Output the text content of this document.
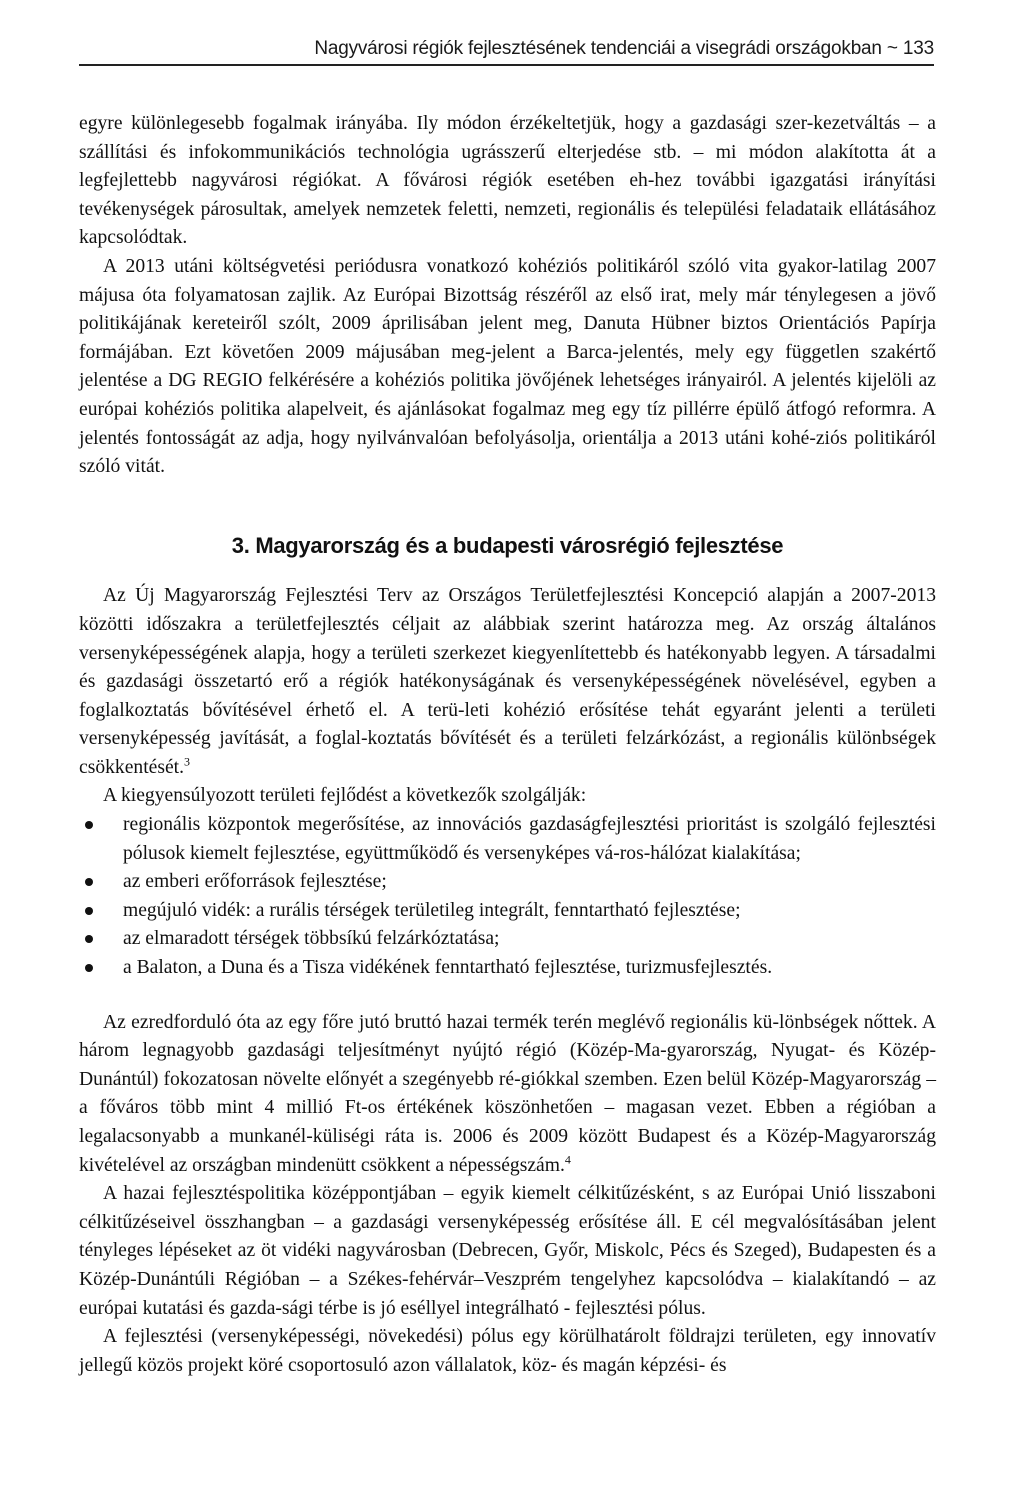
Nagyvárosi régiók fejlesztésének tendenciái a visegrádi országokban ~ 133

egyre különlegesebb fogalmak irányába. Ily módon érzékeltetjük, hogy a gazdasági szer-kezetváltás – a szállítási és infokommunikációs technológia ugrásszerű elterjedése stb. – mi módon alakította át a legfejlettebb nagyvárosi régiókat. A fővárosi régiók esetében eh-hez további igazgatási irányítási tevékenységek párosultak, amelyek nemzetek feletti, nemzeti, regionális és települési feladataik ellátásához kapcsolódtak.

A 2013 utáni költségvetési periódusra vonatkozó kohéziós politikáról szóló vita gyakor-latilag 2007 májusa óta folyamatosan zajlik. Az Európai Bizottság részéről az első irat, mely már ténylegesen a jövő politikájának kereteiről szólt, 2009 áprilisában jelent meg, Danuta Hübner biztos Orientációs Papírja formájában. Ezt követően 2009 májusában meg-jelent a Barca-jelentés, mely egy független szakértő jelentése a DG REGIO felkérésére a kohéziós politika jövőjének lehetséges irányairól. A jelentés kijelöli az európai kohéziós politika alapelveit, és ajánlásokat fogalmaz meg egy tíz pillérre épülő átfogó reformra. A jelentés fontosságát az adja, hogy nyilvánvalóan befolyásolja, orientálja a 2013 utáni kohé-ziós politikáról szóló vitát.

3. Magyarország és a budapesti városrégió fejlesztése

Az Új Magyarország Fejlesztési Terv az Országos Területfejlesztési Koncepció alapján a 2007-2013 közötti időszakra a területfejlesztés céljait az alábbiak szerint határozza meg. Az ország általános versenyképességének alapja, hogy a területi szerkezet kiegyenlítettebb és hatékonyabb legyen. A társadalmi és gazdasági összetartó erő a régiók hatékonyságának és versenyképességének növelésével, egyben a foglalkoztatás bővítésével érhető el. A terü-leti kohézió erősítése tehát egyaránt jelenti a területi versenyképesség javítását, a foglal-koztatás bővítését és a területi felzárkózást, a regionális különbségek csökkentését.$^3$

A kiegyensúlyozott területi fejlődést a következők szolgálják:

regionális központok megerősítése, az innovációs gazdaságfejlesztési prioritást is szolgáló fejlesztési pólusok kiemelt fejlesztése, együttműködő és versenyképes vá-ros-hálózat kialakítása;
az emberi erőforrások fejlesztése;
megújuló vidék: a rurális térségek területileg integrált, fenntartható fejlesztése;
az elmaradott térségek többsíkú felzárkóztatása;
a Balaton, a Duna és a Tisza vidékének fenntartható fejlesztése, turizmusfejlesztés.

Az ezredforduló óta az egy főre jutó bruttó hazai termék terén meglévő regionális kü-lönbségek nőttek. A három legnagyobb gazdasági teljesítményt nyújtó régió (Közép-Ma-gyarország, Nyugat- és Közép-Dunántúl) fokozatosan növelte előnyét a szegényebb ré-giókkal szemben. Ezen belül Közép-Magyarország – a főváros több mint 4 millió Ft-os értékének köszönhetően – magasan vezet. Ebben a régióban a legalacsonyabb a munkanél-küliségi ráta is. 2006 és 2009 között Budapest és a Közép-Magyarország kivételével az országban mindenütt csökkent a népességszám.$^4$

A hazai fejlesztéspolitika középpontjában – egyik kiemelt célkitűzésként, s az Európai Unió lisszaboni célkitűzéseivel összhangban – a gazdasági versenyképesség erősítése áll. E cél megvalósításában jelent tényleges lépéseket az öt vidéki nagyvárosban (Debrecen, Győr, Miskolc, Pécs és Szeged), Budapesten és a Közép-Dunántúli Régióban – a Székes-fehérvár–Veszprém tengelyhez kapcsolódva – kialakítandó – az európai kutatási és gazda-sági térbe is jó eséllyel integrálható - fejlesztési pólus.

A fejlesztési (versenyképességi, növekedési) pólus egy körülhatárolt földrajzi területen, egy innovatív jellegű közös projekt köré csoportosuló azon vállalatok, köz- és magán képzési- és
